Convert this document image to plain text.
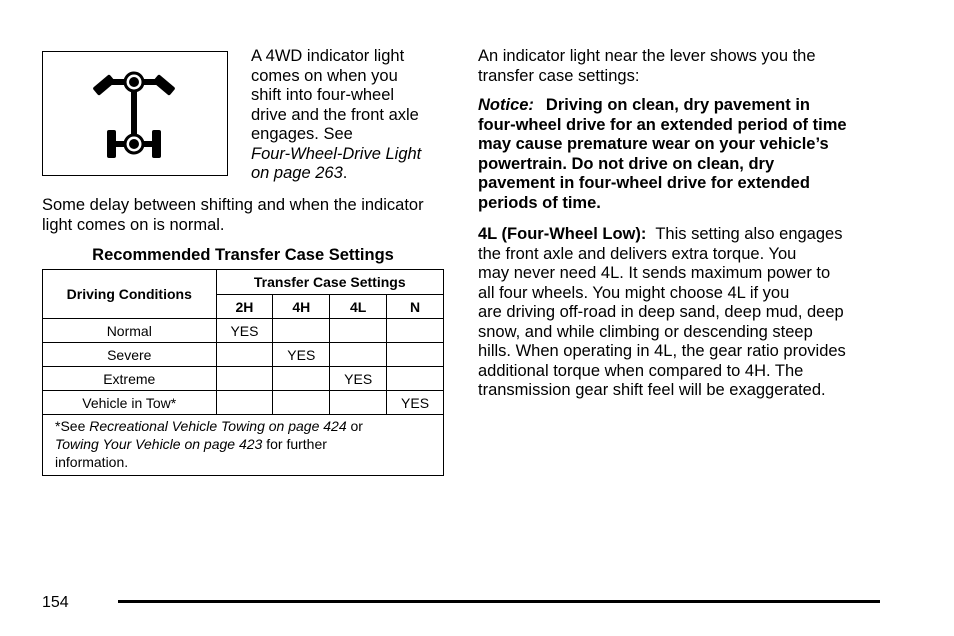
A 4WD indicator light
comes on when you
shift into four-wheel
drive and the front axle
engages. See
Four-Wheel-Drive Light
on page 263.
Some delay between shifting and when the indicator light comes on is normal.
Recommended Transfer Case Settings
Driving Conditions	Transfer Case Settings			
	2H	4H	4L	N
Normal	YES			
Severe		YES		
Extreme			YES	
Vehicle in Tow*				YES
*See Recreational Vehicle Towing on page 424 or
Towing Your Vehicle on page 423 for further
information.				
An indicator light near the lever shows you the
transfer case settings:
Notice: Driving on clean, dry pavement in
four-wheel drive for an extended period of time
may cause premature wear on your vehicle’s
powertrain. Do not drive on clean, dry
pavement in four-wheel drive for extended
periods of time.
4L (Four-Wheel Low): This setting also engages
the front axle and delivers extra torque. You
may never need 4L. It sends maximum power to
all four wheels. You might choose 4L if you
are driving off-road in deep sand, deep mud, deep
snow, and while climbing or descending steep
hills. When operating in 4L, the gear ratio provides
additional torque when compared to 4H. The
transmission gear shift feel will be exaggerated.
154
